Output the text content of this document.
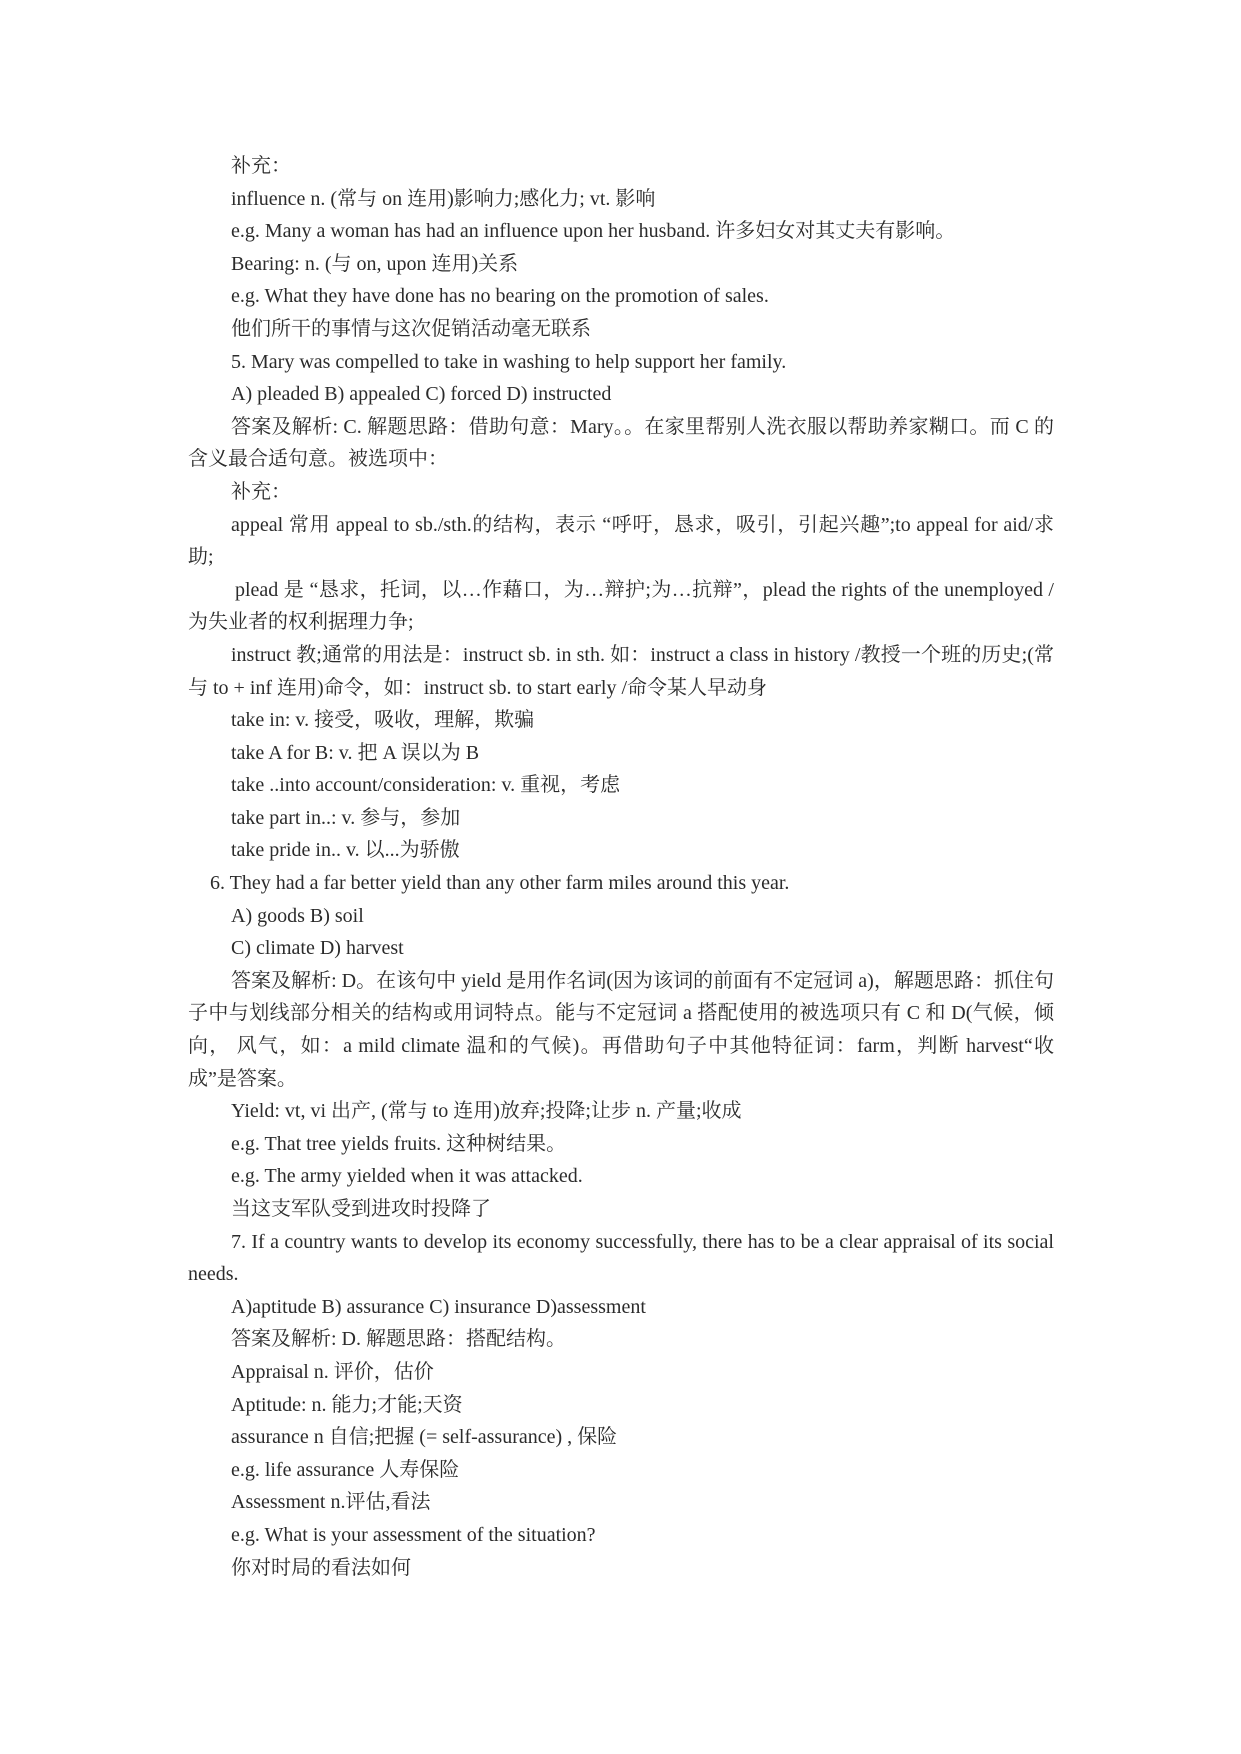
补充：

influence n. (常与 on 连用)影响力;感化力; vt. 影响

e.g. Many a woman has had an influence upon her husband. 许多妇女对其丈夫有影响。

Bearing: n. (与 on, upon 连用)关系

e.g. What they have done has no bearing on the promotion of sales.

他们所干的事情与这次促销活动毫无联系

5. Mary was compelled to take in washing to help support her family.

A) pleaded B) appealed C) forced D) instructed

答案及解析: C. 解题思路：借助句意：Mary。。在家里帮别人洗衣服以帮助养家糊口。而 C 的含义最合适句意。被选项中：

补充：

appeal 常用 appeal to sb./sth.的结构，表示 “呼吁，恳求，吸引，引起兴趣”;to appeal for aid/求助;

plead 是 “恳求，托词，以…作藉口，为…辩护;为…抗辩”，plead the rights of the unemployed /为失业者的权利据理力争;

instruct 教;通常的用法是：instruct sb. in sth. 如：instruct a class in history /教授一个班的历史;(常与 to + inf 连用)命令，如：instruct sb. to start early /命令某人早动身

take in: v. 接受，吸收，理解，欺骗

take A for B: v. 把 A 误以为 B

take ..into account/consideration: v. 重视，考虑

take part in..: v. 参与，参加

take pride in.. v. 以...为骄傲

6. They had a far better yield than any other farm miles around this year.

A) goods B) soil

C) climate D) harvest

答案及解析: D。在该句中 yield 是用作名词(因为该词的前面有不定冠词 a)，解题思路：抓住句子中与划线部分相关的结构或用词特点。能与不定冠词 a 搭配使用的被选项只有 C 和 D(气候，倾向， 风气，如：a mild climate 温和的气候)。再借助句子中其他特征词：farm，判断 harvest“收成”是答案。

Yield: vt, vi 出产, (常与 to 连用)放弃;投降;让步 n. 产量;收成

e.g. That tree yields fruits. 这种树结果。

e.g. The army yielded when it was attacked.

当这支军队受到进攻时投降了

7. If a country wants to develop its economy successfully, there has to be a clear appraisal of its social needs.

A)aptitude B) assurance C) insurance D)assessment

答案及解析: D. 解题思路：搭配结构。

Appraisal n. 评价，估价

Aptitude: n. 能力;才能;天资

assurance n 自信;把握 (= self-assurance) , 保险

e.g. life assurance 人寿保险

Assessment n.评估,看法

e.g. What is your assessment of the situation?

你对时局的看法如何
